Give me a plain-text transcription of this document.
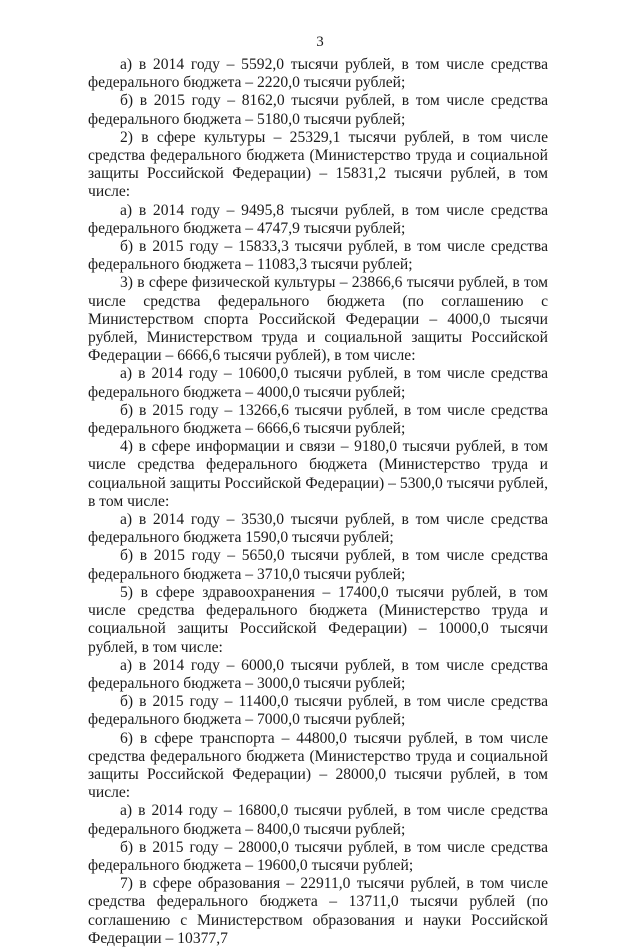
3

а) в 2014 году – 5592,0 тысячи рублей, в том числе средства федерального бюджета – 2220,0 тысячи рублей;

б) в 2015 году – 8162,0 тысячи рублей, в том числе средства федерального бюджета – 5180,0 тысячи рублей;

2) в сфере культуры – 25329,1 тысячи рублей, в том числе средства федерального бюджета (Министерство труда и социальной защиты Российской Федерации) – 15831,2 тысячи рублей, в том числе:

а) в 2014 году – 9495,8 тысячи рублей, в том числе средства федерального бюджета – 4747,9 тысячи рублей;

б) в 2015 году – 15833,3 тысячи рублей, в том числе средства федерального бюджета – 11083,3 тысячи рублей;

3) в сфере физической культуры – 23866,6 тысячи рублей, в том числе средства федерального бюджета (по соглашению с Министерством спорта Российской Федерации – 4000,0 тысячи рублей, Министерством труда и социальной защиты Российской Федерации – 6666,6 тысячи рублей), в том числе:

а) в 2014 году – 10600,0 тысячи рублей, в том числе средства федерального бюджета – 4000,0 тысячи рублей;

б) в 2015 году – 13266,6 тысячи рублей, в том числе средства федерального бюджета – 6666,6 тысячи рублей;

4) в сфере информации и связи – 9180,0 тысячи рублей, в том числе средства федерального бюджета (Министерство труда и социальной защиты Российской Федерации) – 5300,0 тысячи рублей, в том числе:

а) в 2014 году – 3530,0 тысячи рублей, в том числе средства федерального бюджета 1590,0 тысячи рублей;

б) в 2015 году – 5650,0 тысячи рублей, в том числе средства федерального бюджета – 3710,0 тысячи рублей;

5) в сфере здравоохранения – 17400,0 тысячи рублей, в том числе средства федерального бюджета (Министерство труда и социальной защиты Российской Федерации) – 10000,0 тысячи рублей, в том числе:

а) в 2014 году – 6000,0 тысячи рублей, в том числе средства федерального бюджета – 3000,0 тысячи рублей;

б) в 2015 году – 11400,0 тысячи рублей, в том числе средства федерального бюджета – 7000,0 тысячи рублей;

6) в сфере транспорта – 44800,0 тысячи рублей, в том числе средства федерального бюджета (Министерство труда и социальной защиты Российской Федерации) – 28000,0 тысячи рублей, в том числе:

а) в 2014 году – 16800,0 тысячи рублей, в том числе средства федерального бюджета – 8400,0 тысячи рублей;

б) в 2015 году – 28000,0 тысячи рублей, в том числе средства федерального бюджета – 19600,0 тысячи рублей;

7) в сфере образования – 22911,0 тысячи рублей, в том числе средства федерального бюджета – 13711,0 тысячи рублей (по соглашению с Министерством образования и науки Российской Федерации – 10377,7
